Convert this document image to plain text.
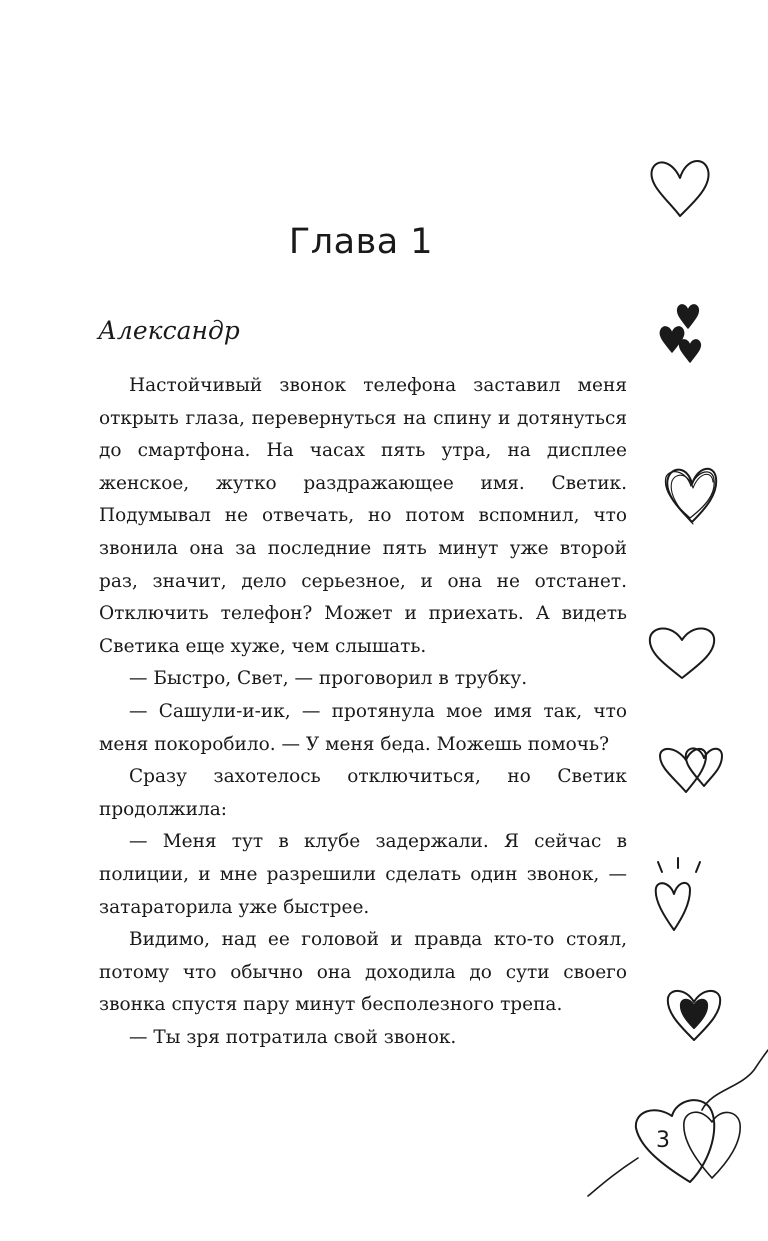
Глава 1
Александр

Настойчивый звонок телефона заставил меня открыть глаза, перевернуться на спину и дотянуться до смартфона. На часах пять утра, на дисплее женское, жутко раздражающее имя. Светик. Подумывал не отвечать, но потом вспомнил, что звонила она за последние пять минут уже второй раз, значит, дело серьезное, и она не отстанет. Отключить телефон? Может и приехать. А видеть Светика еще хуже, чем слышать.

— Быстро, Свет, — проговорил в трубку.

— Сашули-и-ик, — протянула мое имя так, что меня покоробило. — У меня беда. Можешь помочь?

Сразу захотелось отключиться, но Светик продолжила:

— Меня тут в клубе задержали. Я сейчас в полиции, и мне разрешили сделать один звонок, — затараторила уже быстрее.

Видимо, над ее головой и правда кто-то стоял, потому что обычно она доходила до сути своего звонка спустя пару минут бесполезного трепа.

— Ты зря потратила свой звонок.

3
